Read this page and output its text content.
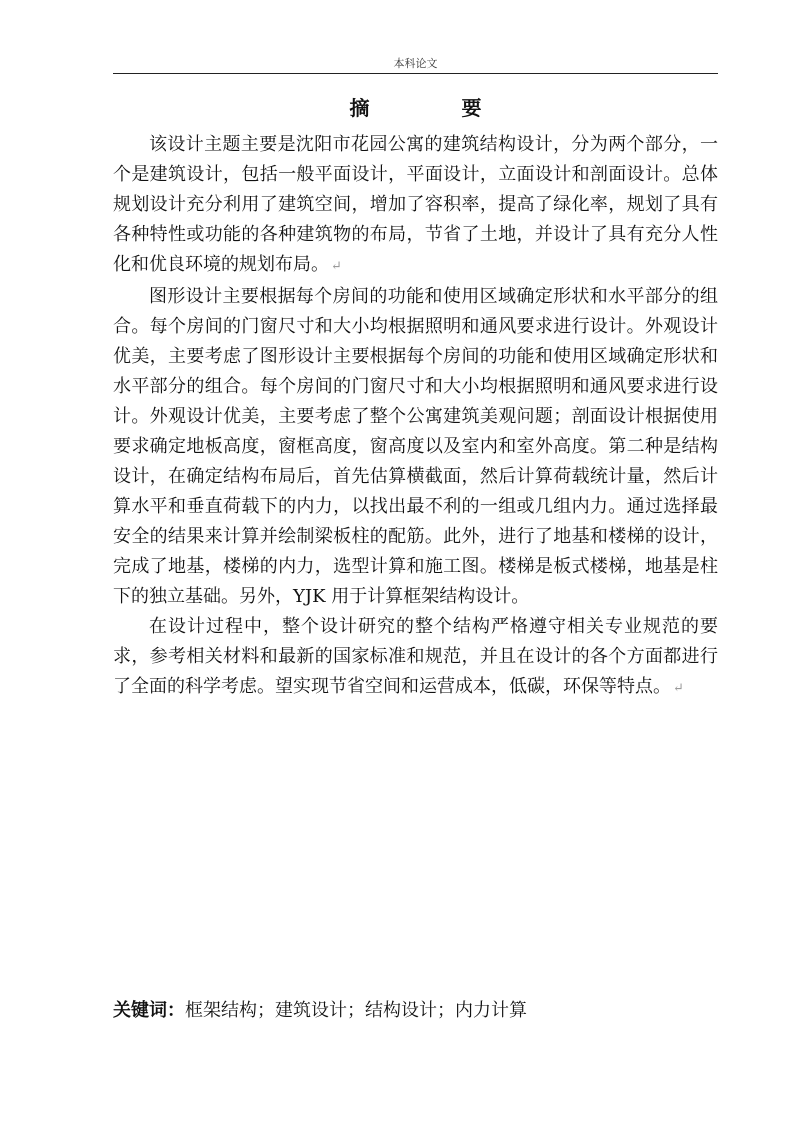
本科论文
摘　要

该设计主题主要是沈阳市花园公寓的建筑结构设计，分为两个部分，一个是建筑设计，包括一般平面设计，平面设计，立面设计和剖面设计。总体规划设计充分利用了建筑空间，增加了容积率，提高了绿化率，规划了具有各种特性或功能的各种建筑物的布局，节省了土地，并设计了具有充分人性化和优良环境的规划布局。 ↵

图形设计主要根据每个房间的功能和使用区域确定形状和水平部分的组合。每个房间的门窗尺寸和大小均根据照明和通风要求进行设计。外观设计优美，主要考虑了图形设计主要根据每个房间的功能和使用区域确定形状和水平部分的组合。每个房间的门窗尺寸和大小均根据照明和通风要求进行设计。外观设计优美，主要考虑了整个公寓建筑美观问题；剖面设计根据使用要求确定地板高度，窗框高度，窗高度以及室内和室外高度。第二种是结构设计，在确定结构布局后，首先估算横截面，然后计算荷载统计量，然后计算水平和垂直荷载下的内力，以找出最不利的一组或几组内力。通过选择最安全的结果来计算并绘制梁板柱的配筋。此外，进行了地基和楼梯的设计，完成了地基，楼梯的内力，选型计算和施工图。楼梯是板式楼梯，地基是柱下的独立基础。另外，YJK 用于计算框架结构设计。

在设计过程中，整个设计研究的整个结构严格遵守相关专业规范的要求，参考相关材料和最新的国家标准和规范，并且在设计的各个方面都进行了全面的科学考虑。望实现节省空间和运营成本，低碳，环保等特点。 ↵

关键词：框架结构；建筑设计；结构设计；内力计算
